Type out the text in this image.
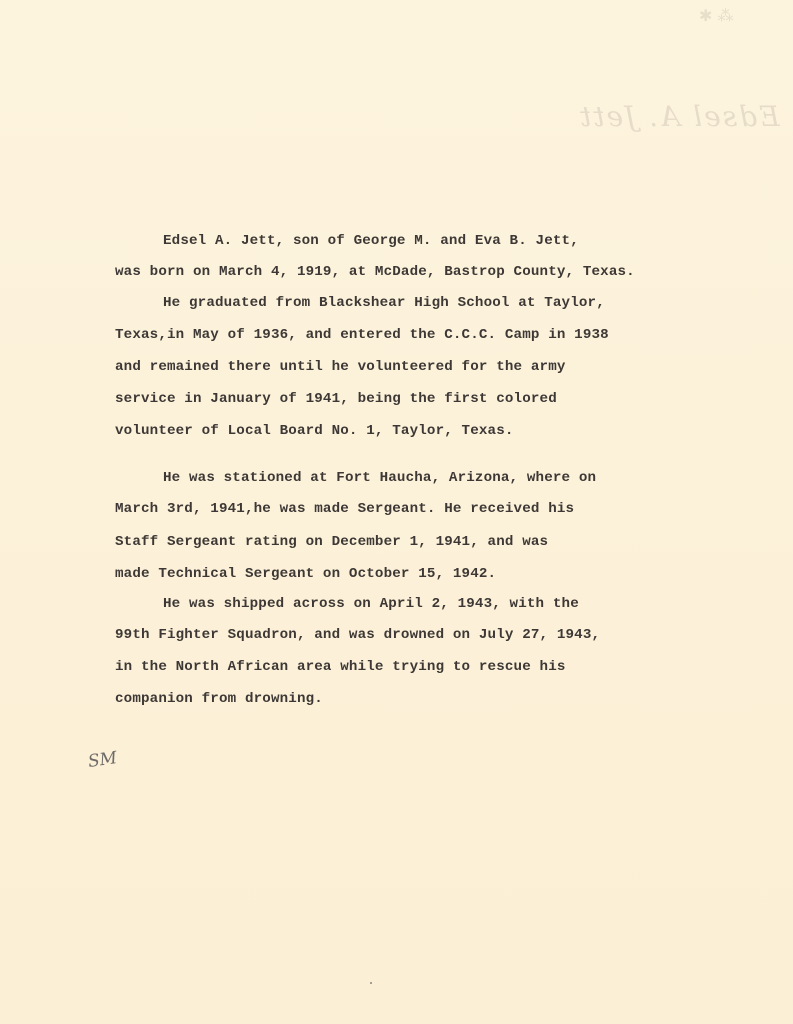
⁂ ✱
Edsel A. Jett
Edsel A. Jett, son of George M. and Eva B. Jett,
was born on March 4, 1919, at McDade, Bastrop County, Texas.
He graduated from Blackshear High School at Taylor,
Texas,in May of 1936, and entered the C.C.C. Camp in 1938
and remained there until he volunteered for the army
service in January of 1941, being the first colored
volunteer of Local Board No. 1, Taylor, Texas.
He was stationed at Fort Haucha, Arizona, where on
March 3rd, 1941,he was made Sergeant. He received his
Staff Sergeant rating on December 1, 1941, and was
made Technical Sergeant on October 15, 1942.
He was shipped across on April 2, 1943, with the
99th Fighter Squadron, and was drowned on July 27, 1943,
in the North African area while trying to rescue his
companion from drowning.
SM
